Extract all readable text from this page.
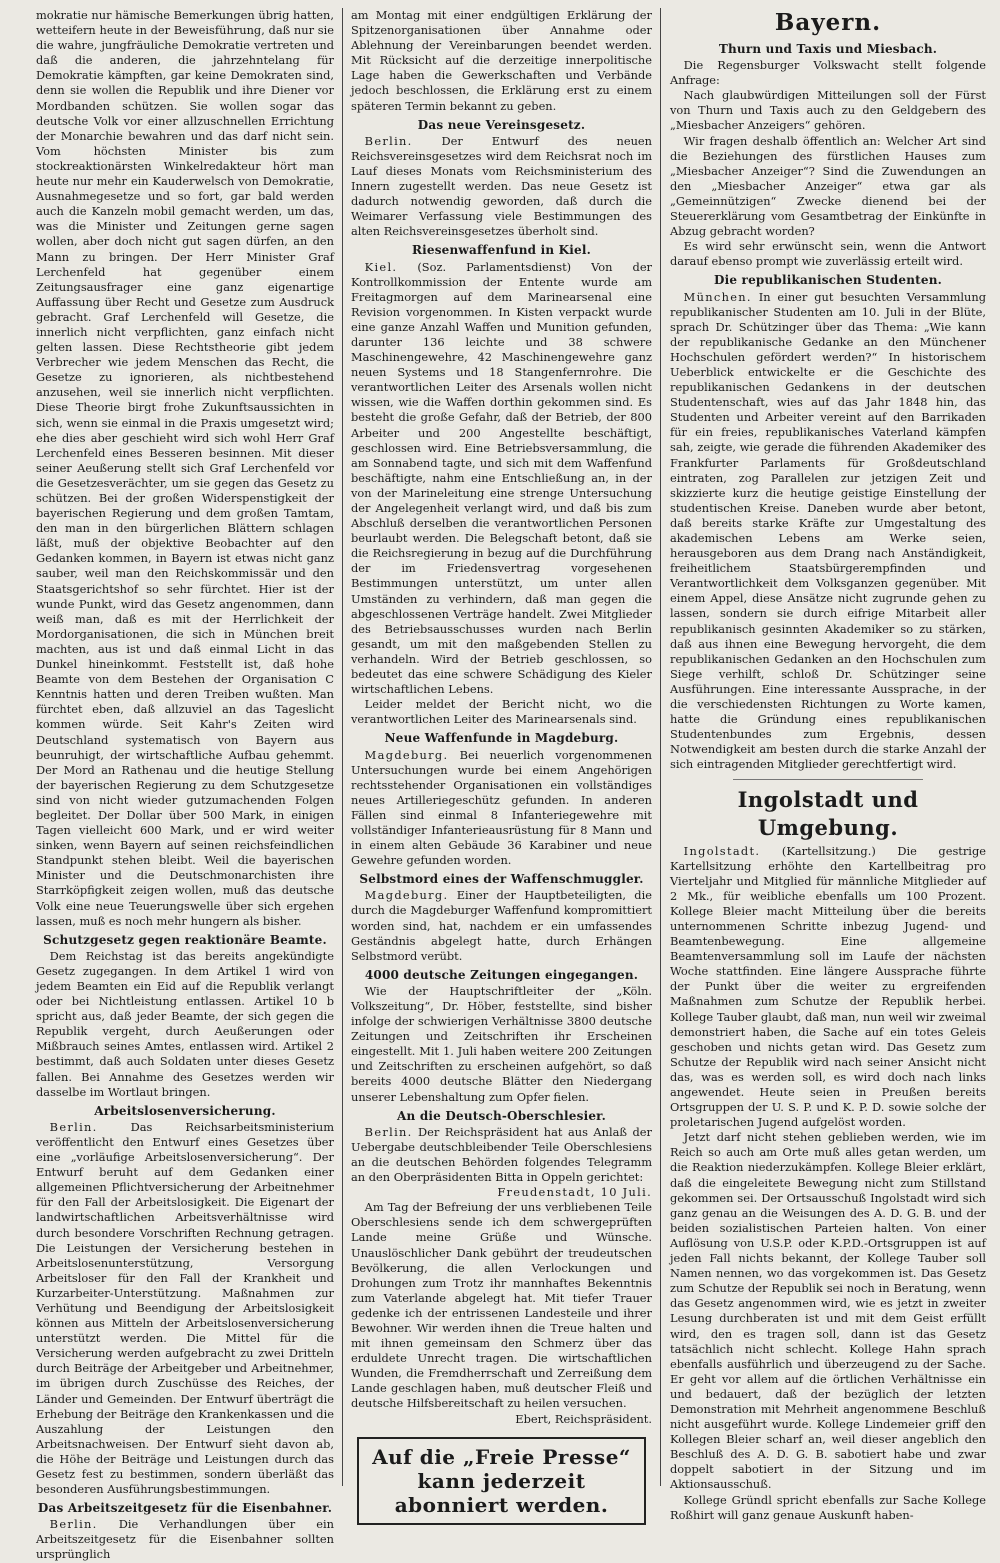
mokratie nur hämische Bemerkungen übrig hatten, wetteifern heute in der Beweisführung, daß nur sie die wahre, jungfräuliche Demokratie vertreten und daß die anderen, die jahrzehntelang für Demokratie kämpften, gar keine Demokraten sind, denn sie wollen die Republik und ihre Diener vor Mordbanden schützen. Sie wollen sogar das deutsche Volk vor einer allzuschnellen Errichtung der Monarchie bewahren und das darf nicht sein. Vom höchsten Minister bis zum stockreaktionärsten Winkelredakteur hört man heute nur mehr ein Kauderwelsch von Demokratie, Ausnahmegesetze und so fort, gar bald werden auch die Kanzeln mobil gemacht werden, um das, was die Minister und Zeitungen gerne sagen wollen, aber doch nicht gut sagen dürfen, an den Mann zu bringen. Der Herr Minister Graf Lerchenfeld hat gegenüber einem Zeitungsausfrager eine ganz eigenartige Auffassung über Recht und Gesetze zum Ausdruck gebracht. Graf Lerchenfeld will Gesetze, die innerlich nicht verpflichten, ganz einfach nicht gelten lassen. Diese Rechtstheorie gibt jedem Verbrecher wie jedem Menschen das Recht, die Gesetze zu ignorieren, als nichtbestehend anzusehen, weil sie innerlich nicht verpflichten. Diese Theorie birgt frohe Zukunftsaussichten in sich, wenn sie einmal in die Praxis umgesetzt wird; ehe dies aber geschieht wird sich wohl Herr Graf Lerchenfeld eines Besseren besinnen. Mit dieser seiner Aeußerung stellt sich Graf Lerchenfeld vor die Gesetzesverächter, um sie gegen das Gesetz zu schützen. Bei der großen Widerspenstigkeit der bayerischen Regierung und dem großen Tamtam, den man in den bürgerlichen Blättern schlagen läßt, muß der objektive Beobachter auf den Gedanken kommen, in Bayern ist etwas nicht ganz sauber, weil man den Reichskommissär und den Staatsgerichtshof so sehr fürchtet. Hier ist der wunde Punkt, wird das Gesetz angenommen, dann weiß man, daß es mit der Herrlichkeit der Mordorganisationen, die sich in München breit machten, aus ist und daß einmal Licht in das Dunkel hineinkommt. Feststellt ist, daß hohe Beamte von dem Bestehen der Organisation C Kenntnis hatten und deren Treiben wußten. Man fürchtet eben, daß allzuviel an das Tageslicht kommen würde. Seit Kahr's Zeiten wird Deutschland systematisch von Bayern aus beunruhigt, der wirtschaftliche Aufbau gehemmt. Der Mord an Rathenau und die heutige Stellung der bayerischen Regierung zu dem Schutzgesetze sind von nicht wieder gutzumachenden Folgen begleitet. Der Dollar über 500 Mark, in einigen Tagen vielleicht 600 Mark, und er wird weiter sinken, wenn Bayern auf seinen reichsfeindlichen Standpunkt stehen bleibt. Weil die bayerischen Minister und die Deutschmonarchisten ihre Starrköpfigkeit zeigen wollen, muß das deutsche Volk eine neue Teuerungswelle über sich ergehen lassen, muß es noch mehr hungern als bisher.

Schutzgesetz gegen reaktionäre Beamte.

Dem Reichstag ist das bereits angekündigte Gesetz zugegangen. In dem Artikel 1 wird von jedem Beamten ein Eid auf die Republik verlangt oder bei Nichtleistung entlassen. Artikel 10 b spricht aus, daß jeder Beamte, der sich gegen die Republik vergeht, durch Aeußerungen oder Mißbrauch seines Amtes, entlassen wird. Artikel 2 bestimmt, daß auch Soldaten unter dieses Gesetz fallen. Bei Annahme des Gesetzes werden wir dasselbe im Wortlaut bringen.

Arbeitslosenversicherung.

Berlin. Das Reichsarbeitsministerium veröffentlicht den Entwurf eines Gesetzes über eine „vorläufige Arbeitslosenversicherung“. Der Entwurf beruht auf dem Gedanken einer allgemeinen Pflichtversicherung der Arbeitnehmer für den Fall der Arbeitslosigkeit. Die Eigenart der landwirtschaftlichen Arbeitsverhältnisse wird durch besondere Vorschriften Rechnung getragen. Die Leistungen der Versicherung bestehen in Arbeitslosenunterstützung, Versorgung Arbeitsloser für den Fall der Krankheit und Kurzarbeiter-Unterstützung. Maßnahmen zur Verhütung und Beendigung der Arbeitslosigkeit können aus Mitteln der Arbeitslosenversicherung unterstützt werden. Die Mittel für die Versicherung werden aufgebracht zu zwei Dritteln durch Beiträge der Arbeitgeber und Arbeitnehmer, im übrigen durch Zuschüsse des Reiches, der Länder und Gemeinden. Der Entwurf überträgt die Erhebung der Beiträge den Krankenkassen und die Auszahlung der Leistungen den Arbeitsnachweisen. Der Entwurf sieht davon ab, die Höhe der Beiträge und Leistungen durch das Gesetz fest zu bestimmen, sondern überläßt das besonderen Ausführungsbestimmungen.

Das Arbeitszeitgesetz für die Eisenbahner.

Berlin. Die Verhandlungen über ein Arbeitszeitgesetz für die Eisenbahner sollten ursprünglich

am Montag mit einer endgültigen Erklärung der Spitzenorganisationen über Annahme oder Ablehnung der Vereinbarungen beendet werden. Mit Rücksicht auf die derzeitige innerpolitische Lage haben die Gewerkschaften und Verbände jedoch beschlossen, die Erklärung erst zu einem späteren Termin bekannt zu geben.

Das neue Vereinsgesetz.

Berlin. Der Entwurf des neuen Reichsvereinsgesetzes wird dem Reichsrat noch im Lauf dieses Monats vom Reichsministerium des Innern zugestellt werden. Das neue Gesetz ist dadurch notwendig geworden, daß durch die Weimarer Verfassung viele Bestimmungen des alten Reichsvereinsgesetzes überholt sind.

Riesenwaffenfund in Kiel.

Kiel. (Soz. Parlamentsdienst) Von der Kontrollkommission der Entente wurde am Freitagmorgen auf dem Marinearsenal eine Revision vorgenommen. In Kisten verpackt wurde eine ganze Anzahl Waffen und Munition gefunden, darunter 136 leichte und 38 schwere Maschinengewehre, 42 Maschinengewehre ganz neuen Systems und 18 Stangenfernrohre. Die verantwortlichen Leiter des Arsenals wollen nicht wissen, wie die Waffen dorthin gekommen sind. Es besteht die große Gefahr, daß der Betrieb, der 800 Arbeiter und 200 Angestellte beschäftigt, geschlossen wird. Eine Betriebsversammlung, die am Sonnabend tagte, und sich mit dem Waffenfund beschäftigte, nahm eine Entschließung an, in der von der Marineleitung eine strenge Untersuchung der Angelegenheit verlangt wird, und daß bis zum Abschluß derselben die verantwortlichen Personen beurlaubt werden. Die Belegschaft betont, daß sie die Reichsregierung in bezug auf die Durchführung der im Friedensvertrag vorgesehenen Bestimmungen unterstützt, um unter allen Umständen zu verhindern, daß man gegen die abgeschlossenen Verträge handelt. Zwei Mitglieder des Betriebsausschusses wurden nach Berlin gesandt, um mit den maßgebenden Stellen zu verhandeln. Wird der Betrieb geschlossen, so bedeutet das eine schwere Schädigung des Kieler wirtschaftlichen Lebens.

Leider meldet der Bericht nicht, wo die verantwortlichen Leiter des Marinearsenals sind.

Neue Waffenfunde in Magdeburg.

Magdeburg. Bei neuerlich vorgenommenen Untersuchungen wurde bei einem Angehörigen rechtsstehender Organisationen ein vollständiges neues Artilleriegeschütz gefunden. In anderen Fällen sind einmal 8 Infanteriegewehre mit vollständiger Infanterieausrüstung für 8 Mann und in einem alten Gebäude 36 Karabiner und neue Gewehre gefunden worden.

Selbstmord eines der Waffenschmuggler.

Magdeburg. Einer der Hauptbeteiligten, die durch die Magdeburger Waffenfund kompromittiert worden sind, hat, nachdem er ein umfassendes Geständnis abgelegt hatte, durch Erhängen Selbstmord verübt.

4000 deutsche Zeitungen eingegangen.

Wie der Hauptschriftleiter der „Köln. Volkszeitung“, Dr. Höber, feststellte, sind bisher infolge der schwierigen Verhältnisse 3800 deutsche Zeitungen und Zeitschriften ihr Erscheinen eingestellt. Mit 1. Juli haben weitere 200 Zeitungen und Zeitschriften zu erscheinen aufgehört, so daß bereits 4000 deutsche Blätter den Niedergang unserer Lebenshaltung zum Opfer fielen.

An die Deutsch-Oberschlesier.

Berlin. Der Reichspräsident hat aus Anlaß der Uebergabe deutschbleibender Teile Oberschlesiens an die deutschen Behörden folgendes Telegramm an den Oberpräsidenten Bitta in Oppeln gerichtet:

Freudenstadt, 10 Juli.

Am Tag der Befreiung der uns verbliebenen Teile Oberschlesiens sende ich dem schwergeprüften Lande meine Grüße und Wünsche. Unauslöschlicher Dank gebührt der treudeutschen Bevölkerung, die allen Verlockungen und Drohungen zum Trotz ihr mannhaftes Bekenntnis zum Vaterlande abgelegt hat. Mit tiefer Trauer gedenke ich der entrissenen Landesteile und ihrer Bewohner. Wir werden ihnen die Treue halten und mit ihnen gemeinsam den Schmerz über das erduldete Unrecht tragen. Die wirtschaftlichen Wunden, die Fremdherrschaft und Zerreißung dem Lande geschlagen haben, muß deutscher Fleiß und deutsche Hilfsbereitschaft zu heilen versuchen.

Ebert, Reichspräsident.
Auf die „Freie Presse“ kann jederzeit abonniert werden.
Bayern.
Thurn und Taxis und Miesbach.

Die Regensburger Volkswacht stellt folgende Anfrage:

Nach glaubwürdigen Mitteilungen soll der Fürst von Thurn und Taxis auch zu den Geldgebern des „Miesbacher Anzeigers“ gehören.

Wir fragen deshalb öffentlich an: Welcher Art sind die Beziehungen des fürstlichen Hauses zum „Miesbacher Anzeiger“? Sind die Zuwendungen an den „Miesbacher Anzeiger“ etwa gar als „Gemeinnützigen“ Zwecke dienend bei der Steuererklärung vom Gesamtbetrag der Einkünfte in Abzug gebracht worden?

Es wird sehr erwünscht sein, wenn die Antwort darauf ebenso prompt wie zuverlässig erteilt wird.

Die republikanischen Studenten.

München. In einer gut besuchten Versammlung republikanischer Studenten am 10. Juli in der Blüte, sprach Dr. Schützinger über das Thema: „Wie kann der republikanische Gedanke an den Münchener Hochschulen gefördert werden?“ In historischem Ueberblick entwickelte er die Geschichte des republikanischen Gedankens in der deutschen Studentenschaft, wies auf das Jahr 1848 hin, das Studenten und Arbeiter vereint auf den Barrikaden für ein freies, republikanisches Vaterland kämpfen sah, zeigte, wie gerade die führenden Akademiker des Frankfurter Parlaments für Großdeutschland eintraten, zog Parallelen zur jetzigen Zeit und skizzierte kurz die heutige geistige Einstellung der studentischen Kreise. Daneben wurde aber betont, daß bereits starke Kräfte zur Umgestaltung des akademischen Lebens am Werke seien, herausgeboren aus dem Drang nach Anständigkeit, freiheitlichem Staatsbürgerempfinden und Verantwortlichkeit dem Volksganzen gegenüber. Mit einem Appel, diese Ansätze nicht zugrunde gehen zu lassen, sondern sie durch eifrige Mitarbeit aller republikanisch gesinnten Akademiker so zu stärken, daß aus ihnen eine Bewegung hervorgeht, die dem republikanischen Gedanken an den Hochschulen zum Siege verhilft, schloß Dr. Schützinger seine Ausführungen. Eine interessante Aussprache, in der die verschiedensten Richtungen zu Worte kamen, hatte die Gründung eines republikanischen Studentenbundes zum Ergebnis, dessen Notwendigkeit am besten durch die starke Anzahl der sich eintragenden Mitglieder gerechtfertigt wird.

Ingolstadt und Umgebung.

Ingolstadt. (Kartellsitzung.) Die gestrige Kartellsitzung erhöhte den Kartellbeitrag pro Vierteljahr und Mitglied für männliche Mitglieder auf 2 Mk., für weibliche ebenfalls um 100 Prozent. Kollege Bleier macht Mitteilung über die bereits unternommenen Schritte inbezug Jugend- und Beamtenbewegung. Eine allgemeine Beamtenversammlung soll im Laufe der nächsten Woche stattfinden. Eine längere Aussprache führte der Punkt über die weiter zu ergreifenden Maßnahmen zum Schutze der Republik herbei. Kollege Tauber glaubt, daß man, nun weil wir zweimal demonstriert haben, die Sache auf ein totes Geleis geschoben und nichts getan wird. Das Gesetz zum Schutze der Republik wird nach seiner Ansicht nicht das, was es werden soll, es wird doch nach links angewendet. Heute seien in Preußen bereits Ortsgruppen der U. S. P. und K. P. D. sowie solche der proletarischen Jugend aufgelöst worden.

Jetzt darf nicht stehen geblieben werden, wie im Reich so auch am Orte muß alles getan werden, um die Reaktion niederzukämpfen. Kollege Bleier erklärt, daß die eingeleitete Bewegung nicht zum Stillstand gekommen sei. Der Ortsausschuß Ingolstadt wird sich ganz genau an die Weisungen des A. D. G. B. und der beiden sozialistischen Parteien halten. Von einer Auflösung von U.S.P. oder K.P.D.-Ortsgruppen ist auf jeden Fall nichts bekannt, der Kollege Tauber soll Namen nennen, wo das vorgekommen ist. Das Gesetz zum Schutze der Republik sei noch in Beratung, wenn das Gesetz angenommen wird, wie es jetzt in zweiter Lesung durchberaten ist und mit dem Geist erfüllt wird, den es tragen soll, dann ist das Gesetz tatsächlich nicht schlecht. Kollege Hahn sprach ebenfalls ausführlich und überzeugend zu der Sache. Er geht vor allem auf die örtlichen Verhältnisse ein und bedauert, daß der bezüglich der letzten Demonstration mit Mehrheit angenommene Beschluß nicht ausgeführt wurde. Kollege Lindemeier griff den Kollegen Bleier scharf an, weil dieser angeblich den Beschluß des A. D. G. B. sabotiert habe und zwar doppelt sabotiert in der Sitzung und im Aktionsausschuß.

Kollege Gründl spricht ebenfalls zur Sache Kollege Roßhirt will ganz genaue Auskunft haben-
